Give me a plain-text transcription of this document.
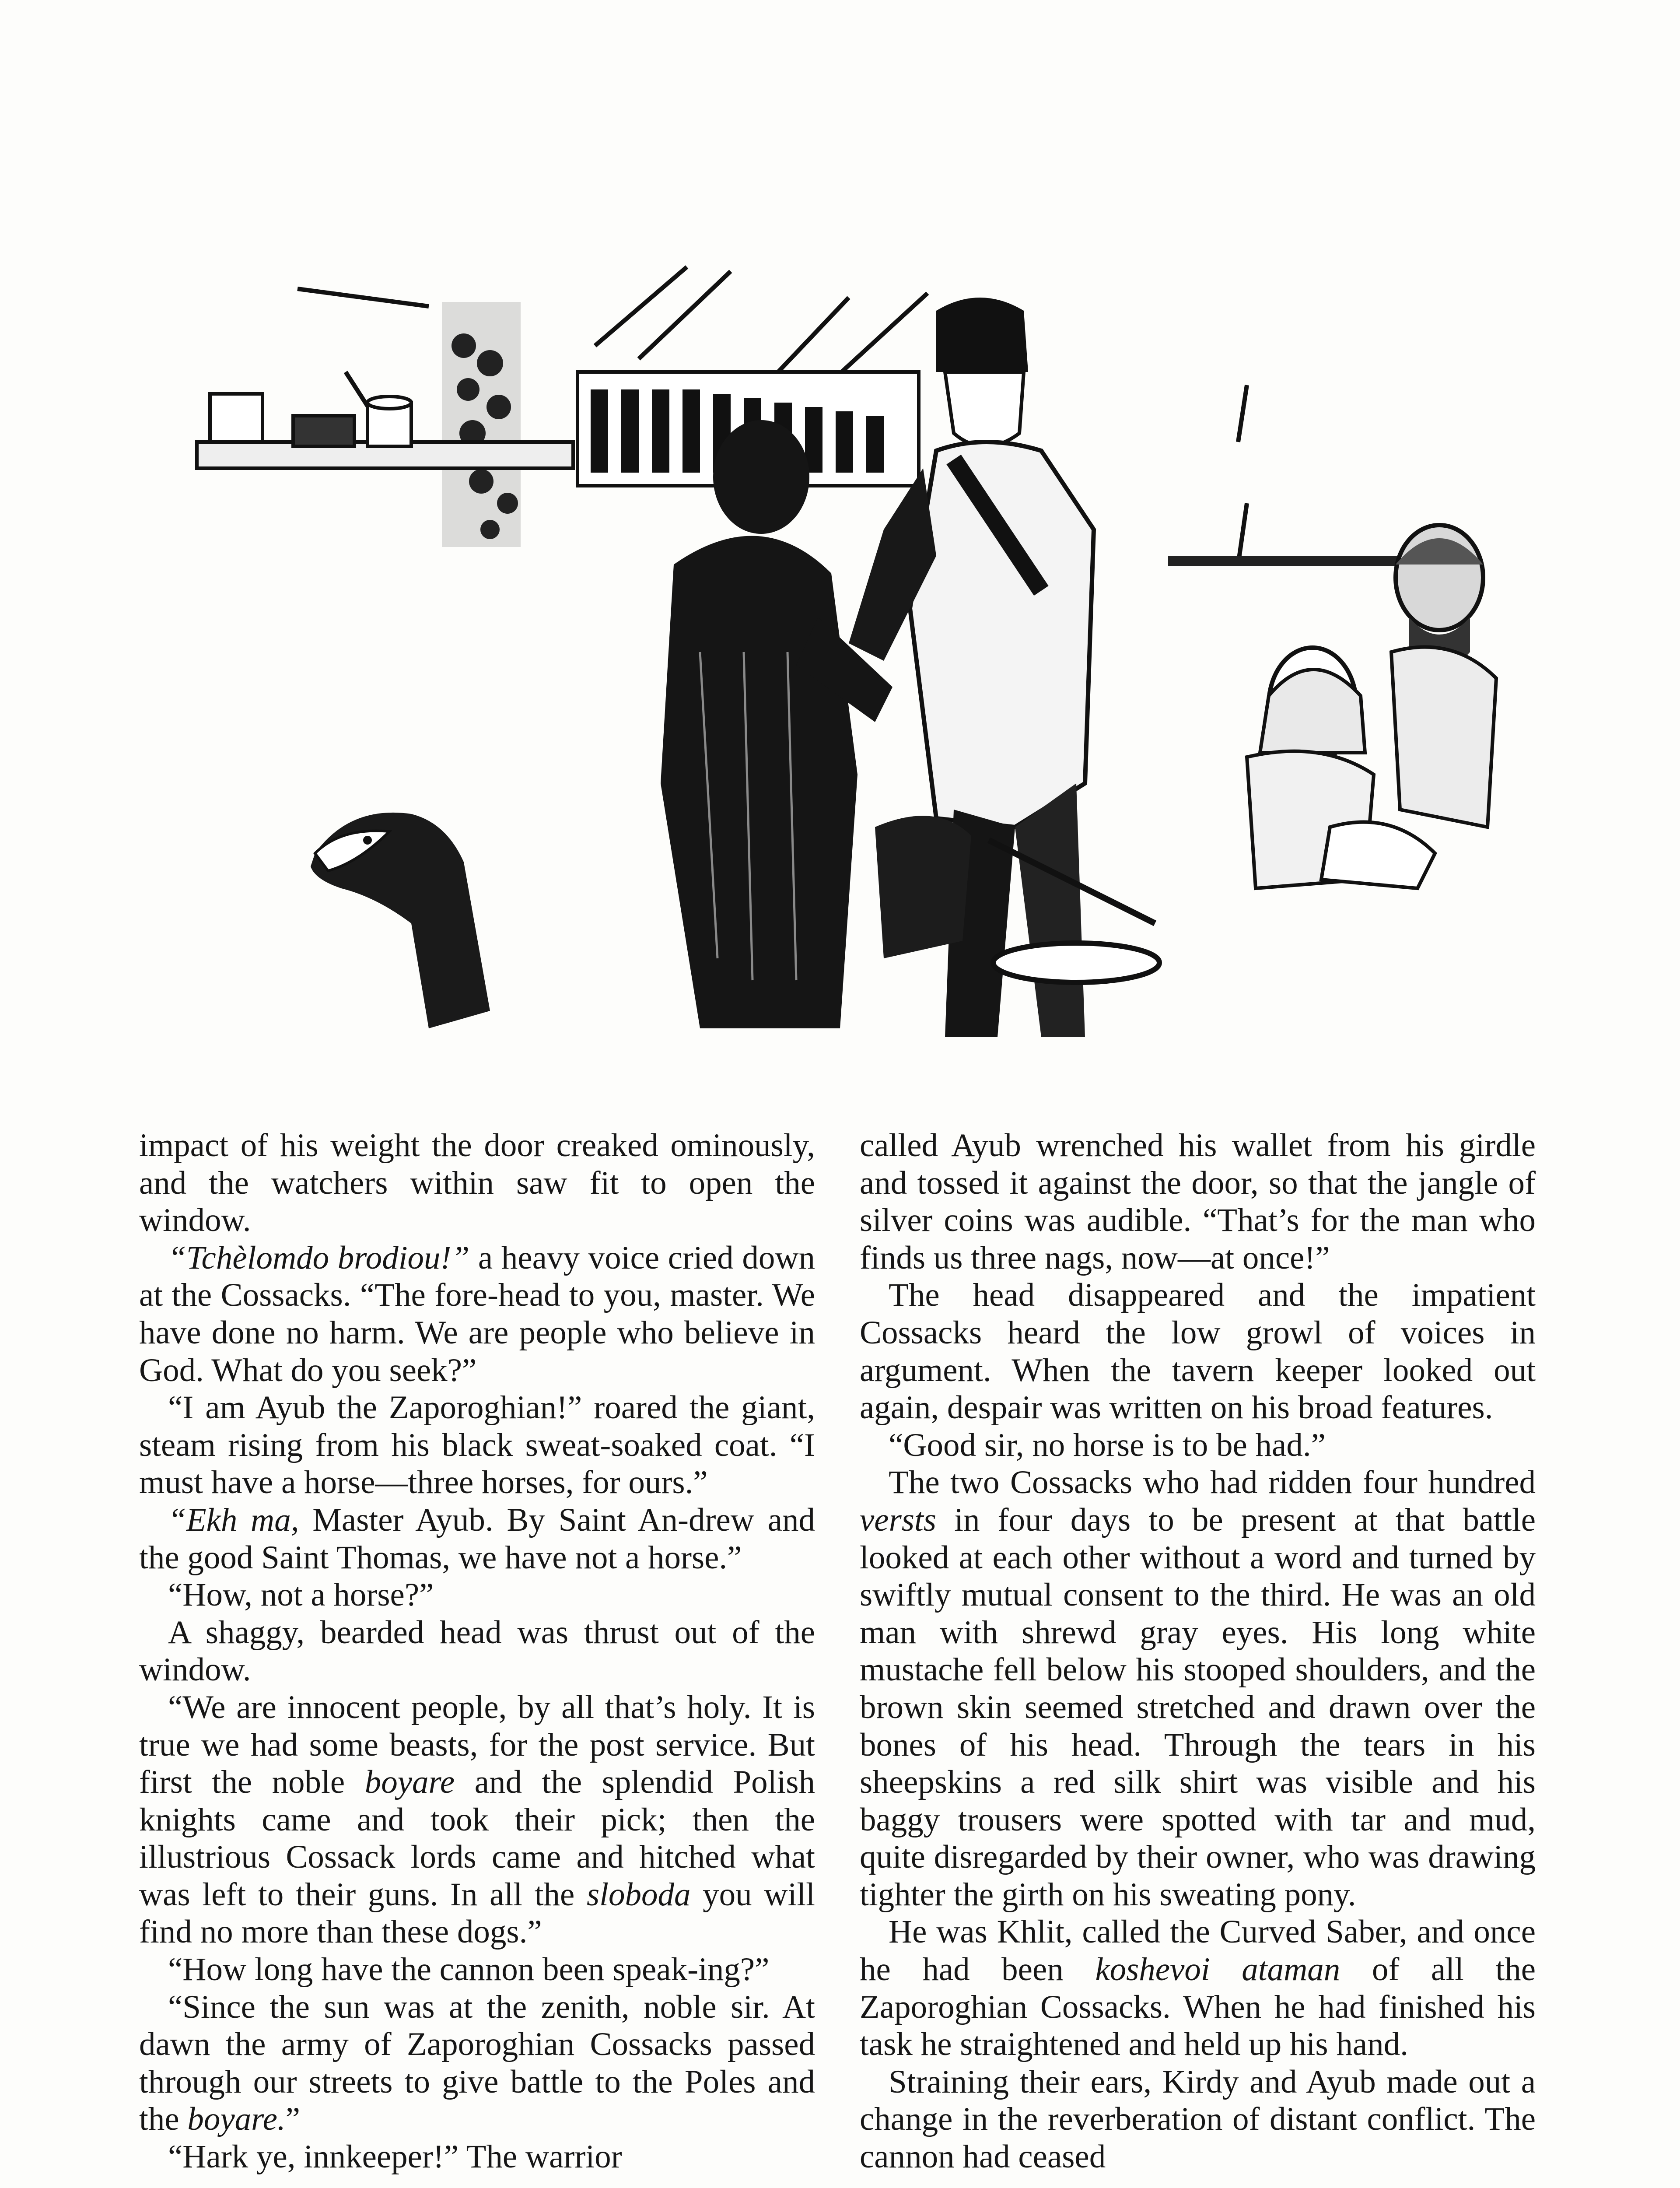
impact of his weight the door creaked ominously, and the watchers within saw fit to open the window.

“Tchèlomdo brodiou!” a heavy voice cried down at the Cossacks. “The fore-head to you, master. We have done no harm. We are people who believe in God. What do you seek?”

“I am Ayub the Zaporoghian!” roared the giant, steam rising from his black sweat-soaked coat. “I must have a horse—three horses, for ours.”

“Ekh ma, Master Ayub. By Saint An-drew and the good Saint Thomas, we have not a horse.”

“How, not a horse?”

A shaggy, bearded head was thrust out of the window.

“We are innocent people, by all that’s holy. It is true we had some beasts, for the post service. But first the noble boyare and the splendid Polish knights came and took their pick; then the illustrious Cossack lords came and hitched what was left to their guns. In all the sloboda you will find no more than these dogs.”

“How long have the cannon been speak-ing?”

“Since the sun was at the zenith, noble sir. At dawn the army of Zaporoghian Cossacks passed through our streets to give battle to the Poles and the boyare.”

“Hark ye, innkeeper!” The warrior

called Ayub wrenched his wallet from his girdle and tossed it against the door, so that the jangle of silver coins was audible. “That’s for the man who finds us three nags, now—at once!”

The head disappeared and the impatient Cossacks heard the low growl of voices in argument. When the tavern keeper looked out again, despair was written on his broad features.

“Good sir, no horse is to be had.”

The two Cossacks who had ridden four hundred versts in four days to be present at that battle looked at each other without a word and turned by swiftly mutual consent to the third. He was an old man with shrewd gray eyes. His long white mustache fell below his stooped shoulders, and the brown skin seemed stretched and drawn over the bones of his head. Through the tears in his sheepskins a red silk shirt was visible and his baggy trousers were spotted with tar and mud, quite disregarded by their owner, who was drawing tighter the girth on his sweating pony.

He was Khlit, called the Curved Saber, and once he had been koshevoi ataman of all the Zaporoghian Cossacks. When he had finished his task he straightened and held up his hand.

Straining their ears, Kirdy and Ayub made out a change in the reverberation of distant conflict. The cannon had ceased
